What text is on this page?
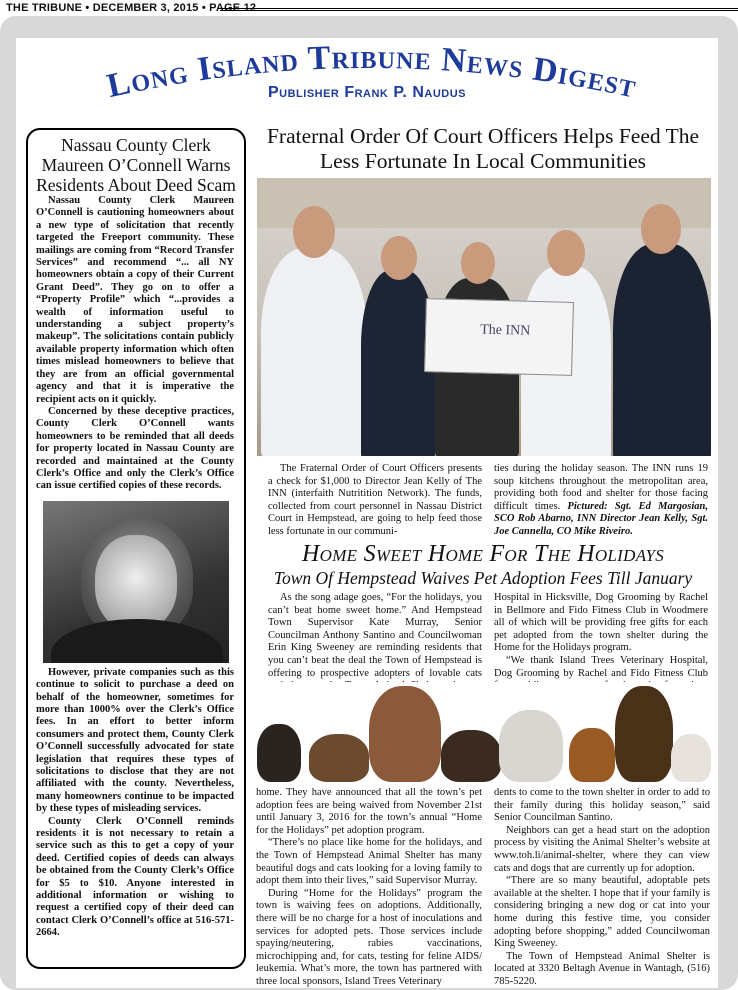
THE TRIBUNE • DECEMBER 3, 2015 • PAGE 12
Long Island Tribune News Digest
Publisher Frank P. Naudus
Nassau County Clerk Maureen O’Connell Warns Residents About Deed Scam

Nassau County Clerk Maureen O’Connell is cautioning homeowners about a new type of solicitation that recently targeted the Freeport community. These mailings are coming from “Record Transfer Services” and recommend “... all NY homeowners obtain a copy of their Current Grant Deed”. They go on to offer a “Property Profile” which “...provides a wealth of information useful to understanding a subject property’s makeup”. The solicitations contain publicly available property information which often times mislead homeowners to believe that they are from an official governmental agency and that it is imperative the recipient acts on it quickly.

Concerned by these deceptive practices, County Clerk O’Connell wants homeowners to be reminded that all deeds for property located in Nassau County are recorded and maintained at the County Clerk’s Office and only the Clerk’s Office can issue certified copies of these records.

However, private companies such as this continue to solicit to purchase a deed on behalf of the homeowner, sometimes for more than 1000% over the Clerk’s Office fees. In an effort to better inform consumers and protect them, County Clerk O’Connell successfully advocated for state legislation that requires these types of solicitations to disclose that they are not affiliated with the county. Nevertheless, many homeowners continue to be impacted by these types of misleading services.

County Clerk O’Connell reminds residents it is not necessary to retain a service such as this to get a copy of your deed. Certified copies of deeds can always be obtained from the County Clerk’s Office for $5 to $10. Anyone interested in additional information or wishing to request a certified copy of their deed can contact Clerk O’Connell’s office at 516-571-2664.

Fraternal Order Of Court Officers Helps Feed The Less Fortunate In Local Communities
The INN

The Fraternal Order of Court Officers presents a check for $1,000 to Director Jean Kelly of The INN (interfaith Nutritition Network). The funds, collected from court personnel in Nassau District Court in Hempstead, are going to help feed those less fortunate in our communi-

ties during the holiday season. The INN runs 19 soup kitchens throughout the metropolitan area, providing both food and shelter for those facing difficult times. Pictured: Sgt. Ed Margosian, SCO Rob Abarno, INN Director Jean Kelly, Sgt. Joe Cannella, CO Mike Riveiro.

Home Sweet Home For The Holidays
Town Of Hempstead Waives Pet Adoption Fees Till January

As the song adage goes, “For the holidays, you can’t beat home sweet home.” And Hempstead Town Supervisor Kate Murray, Senior Councilman Anthony Santino and Councilwoman Erin King Sweeney are reminding residents that you can’t beat the deal the Town of Hempstead is offering to prospective adopters of lovable cats

Hospital in Hicksville, Dog Grooming by Rachel in Bellmore and Fido Fitness Club in Woodmere all of which will be providing free gifts for each pet adopted from the town shelter during the Home for the Holidays program.

“We thank Island Trees Veterinary Hospital, Dog Grooming by Rachel and Fido Fitness Club

home. They have announced that all the town’s pet adoption fees are being waived from November 21st until January 3, 2016 for the town’s annual “Home for the Holidays” pet adoption program.

“There’s no place like home for the holidays, and the Town of Hempstead Animal Shelter has many beautiful dogs and cats looking for a loving family to adopt them into their lives,” said Supervisor Murray.

During “Home for the Holidays” program the town is waiving fees on adoptions. Additionally, there will be no charge for a host of inoculations and services for adopted pets. Those services include spaying/neutering, rabies vaccinations, microchipping and, for cats, testing for feline AIDS/ leukemia. What’s more, the town has partnered with three local sponsors, Island Trees Veterinary

dents to come to the town shelter in order to add to their family during this holiday season,” said Senior Councilman Santino.

Neighbors can get a head start on the adoption process by visiting the Animal Shelter’s website at www.toh.li/animal-shelter, where they can view cats and dogs that are currently up for adoption.

“There are so many beautiful, adoptable pets available at the shelter. I hope that if your family is considering bringing a new dog or cat into your home during this festive time, you consider adopting before shopping,” added Councilwoman King Sweeney.

The Town of Hempstead Animal Shelter is located at 3320 Beltagh Avenue in Wantagh, (516) 785-5220.
